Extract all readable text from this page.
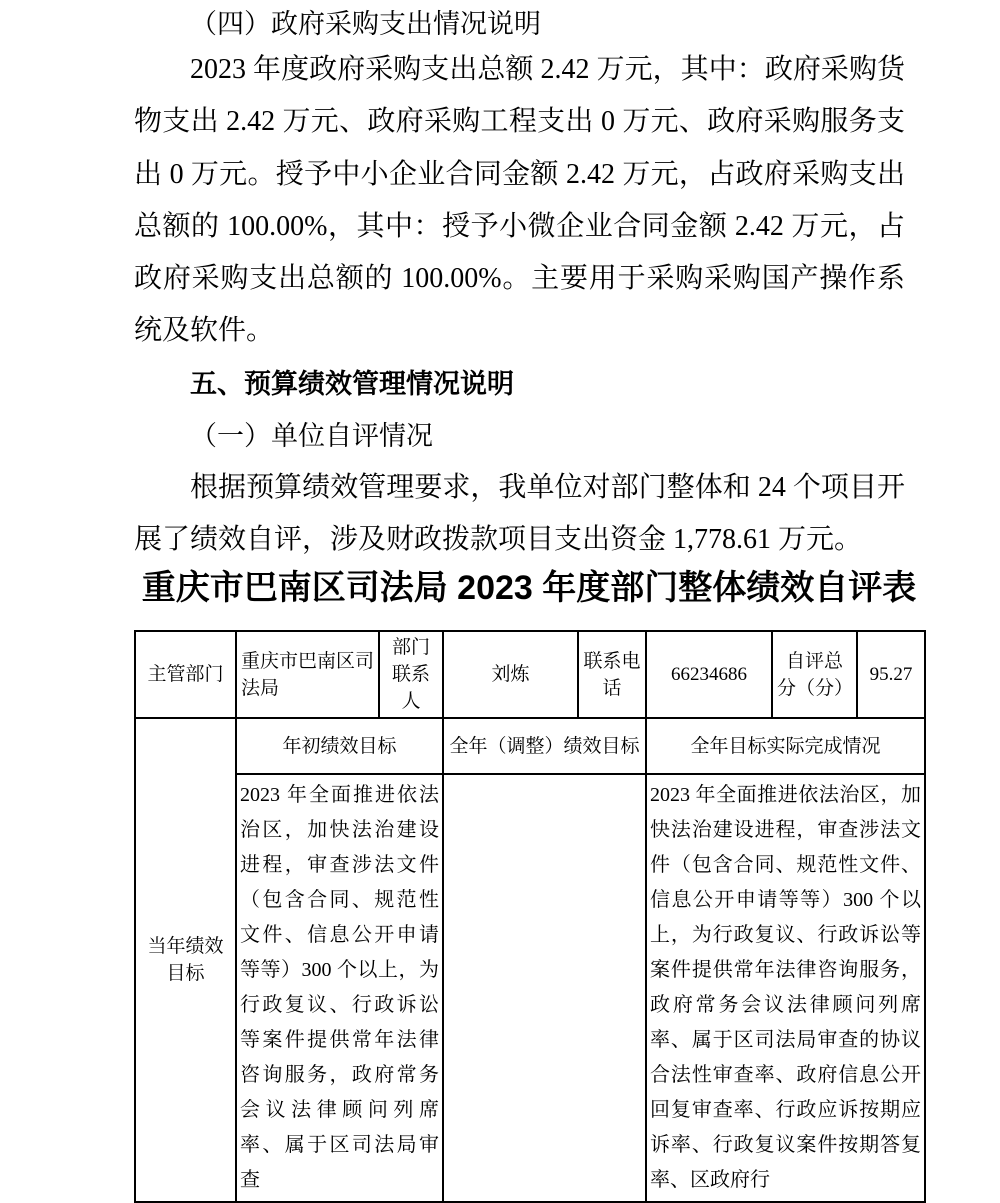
（四）政府采购支出情况说明

2023 年度政府采购支出总额 2.42 万元，其中：政府采购货物支出 2.42 万元、政府采购工程支出 0 万元、政府采购服务支出 0 万元。授予中小企业合同金额 2.42 万元，占政府采购支出总额的 100.00%，其中：授予小微企业合同金额 2.42 万元，占政府采购支出总额的 100.00%。主要用于采购采购国产操作系统及软件。

五、预算绩效管理情况说明
（一）单位自评情况

根据预算绩效管理要求，我单位对部门整体和 24 个项目开展了绩效自评，涉及财政拨款项目支出资金 1,778.61 万元。

重庆市巴南区司法局 2023 年度部门整体绩效自评表
主管部门	重庆市巴南区司法局	部门联系人	刘炼	联系电话	66234686	自评总分（分）	95.27
当年绩效目标	年初绩效目标		全年（调整）绩效目标		全年目标实际完成情况		
	2023 年全面推进依法治区，加快法治建设进程，审查涉法文件（包含合同、规范性文件、信息公开申请等等）300 个以上，为行政复议、行政诉讼等案件提供常年法律咨询服务，政府常务会议法律顾问列席率、属于区司法局审查				2023 年全面推进依法治区，加快法治建设进程，审查涉法文件（包含合同、规范性文件、信息公开申请等等）300 个以上，为行政复议、行政诉讼等案件提供常年法律咨询服务，政府常务会议法律顾问列席率、属于区司法局审查的协议合法性审查率、政府信息公开回复审查率、行政应诉按期应诉率、行政复议案件按期答复率、区政府行		
